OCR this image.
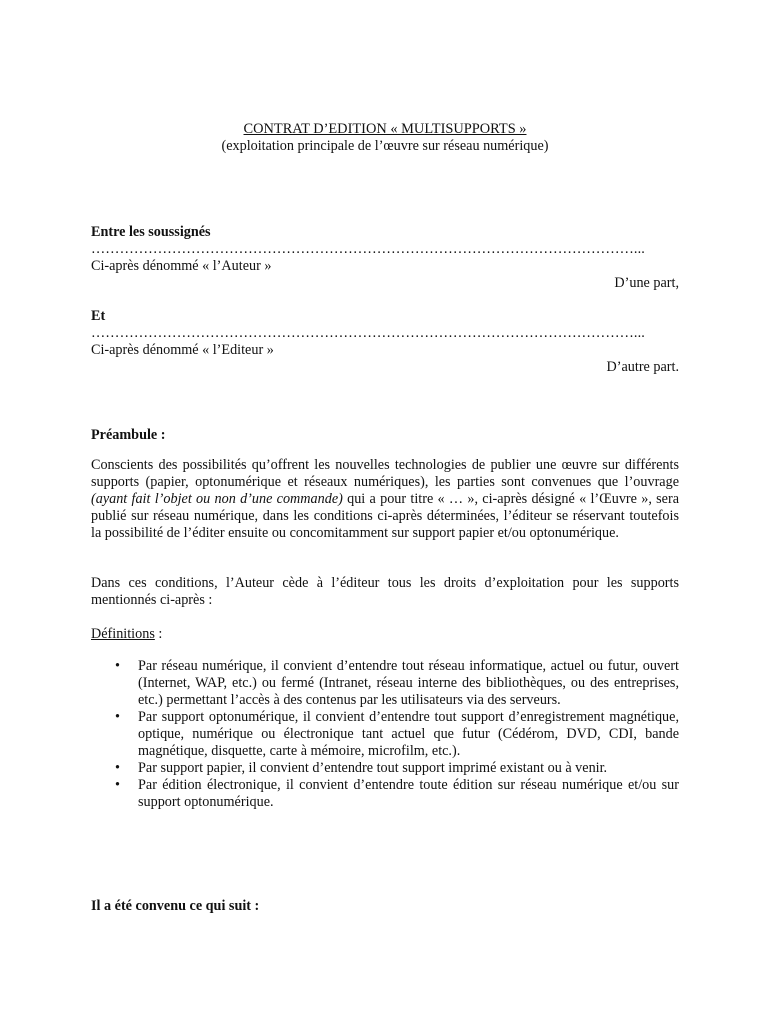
CONTRAT D’EDITION « MULTISUPPORTS »
(exploitation principale de l’œuvre sur réseau numérique)
Entre les soussignés
……………………………………………………………………………………………………...
Ci-après dénommé « l’Auteur »
D’une part,
Et
……………………………………………………………………………………………………...
Ci-après dénommé « l’Editeur »
D’autre part.
Préambule :
Conscients des possibilités qu’offrent les nouvelles technologies de publier une œuvre sur différents supports (papier, optonumérique et réseaux numériques), les parties sont convenues que l’ouvrage (ayant fait l’objet ou non d’une commande) qui a pour titre « … », ci-après désigné « l’Œuvre », sera publié sur réseau numérique, dans les conditions ci-après déterminées, l’éditeur se réservant toutefois la possibilité de l’éditer ensuite ou concomitamment sur support papier et/ou optonumérique.
Dans ces conditions, l’Auteur cède à l’éditeur tous les droits d’exploitation pour les supports mentionnés ci-après :
Définitions :
• Par réseau numérique, il convient d’entendre tout réseau informatique, actuel ou futur, ouvert (Internet, WAP, etc.) ou fermé (Intranet, réseau interne des bibliothèques, ou des entreprises, etc.) permettant l’accès à des contenus par les utilisateurs via des serveurs.
• Par support optonumérique, il convient d’entendre tout support d’enregistrement magnétique, optique, numérique ou électronique tant actuel que futur (Cédérom, DVD, CDI, bande magnétique, disquette, carte à mémoire, microfilm, etc.).
• Par support papier, il convient d’entendre tout support imprimé existant ou à venir.
• Par édition électronique, il convient d’entendre toute édition sur réseau numérique et/ou sur support optonumérique.
Il a été convenu ce qui suit :
